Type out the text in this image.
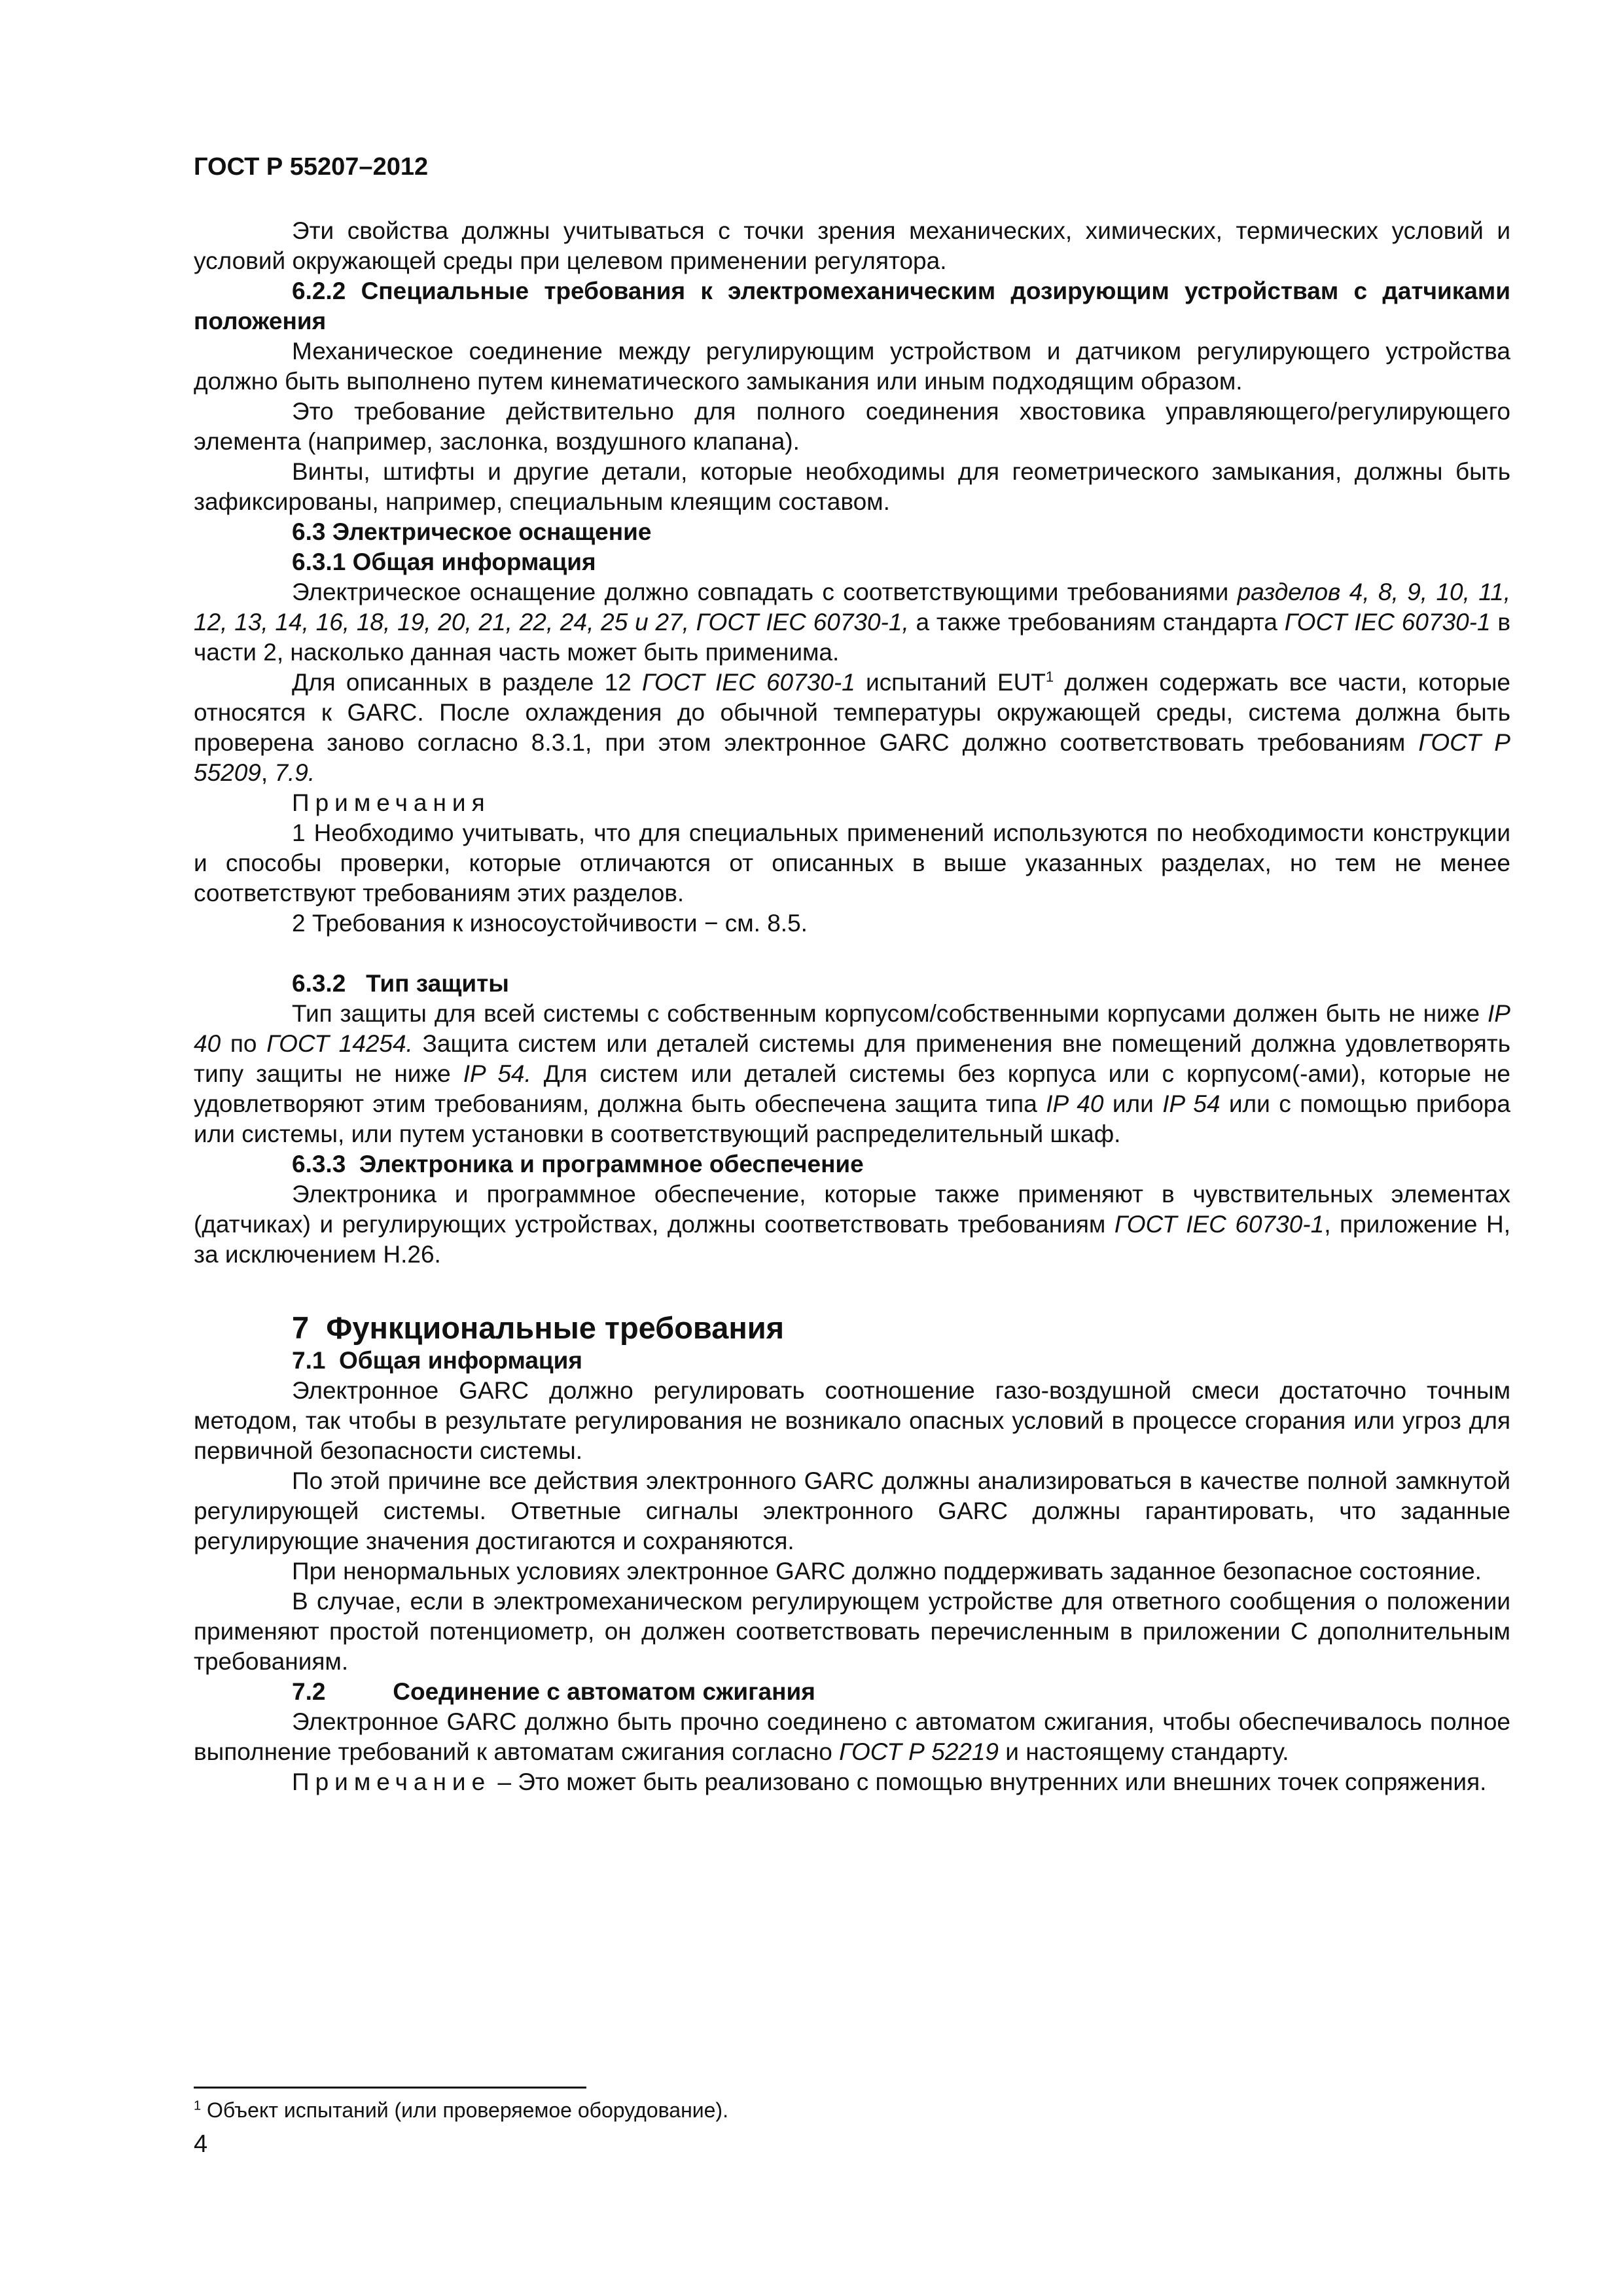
ГОСТ Р 55207–2012

Эти свойства должны учитываться с точки зрения механических, химических, термических условий и условий окружающей среды при целевом применении регулятора.

6.2.2 Специальные требования к электромеханическим дозирующим устройствам с датчиками положения

Механическое соединение между регулирующим устройством и датчиком регулирующего устройства должно быть выполнено путем кинематического замыкания или иным подходящим образом.

Это требование действительно для полного соединения хвостовика управляющего/регулирующего элемента (например, заслонка, воздушного клапана).

Винты, штифты и другие детали, которые необходимы для геометрического замыкания, должны быть зафиксированы, например, специальным клеящим составом.

6.3 Электрическое оснащение

6.3.1 Общая информация

Электрическое оснащение должно совпадать с соответствующими требованиями разделов 4, 8, 9, 10, 11, 12, 13, 14, 16, 18, 19, 20, 21, 22, 24, 25 и 27, ГОСТ IEC 60730-1, а также требованиям стандарта ГОСТ IEC 60730-1 в части 2, насколько данная часть может быть применима.

Для описанных в разделе 12 ГОСТ IEC 60730-1 испытаний EUT$^1$ должен содержать все части, которые относятся к GARC. После охлаждения до обычной температуры окружающей среды, система должна быть проверена заново согласно 8.3.1, при этом электронное GARC должно соответствовать требованиям ГОСТ Р 55209, 7.9.

Примечания

1 Необходимо учитывать, что для специальных применений используются по необходимости конструкции и способы проверки, которые отличаются от описанных в выше указанных разделах, но тем не менее соответствуют требованиям этих разделов.

2 Требования к износоустойчивости − см. 8.5.

6.3.2 Тип защиты

Тип защиты для всей системы с собственным корпусом/собственными корпусами должен быть не ниже IP 40 по ГОСТ 14254. Защита систем или деталей системы для применения вне помещений должна удовлетворять типу защиты не ниже IP 54. Для систем или деталей системы без корпуса или с корпусом(-ами), которые не удовлетворяют этим требованиям, должна быть обеспечена защита типа IP 40 или IP 54 или с помощью прибора или системы, или путем установки в соответствующий распределительный шкаф.

6.3.3 Электроника и программное обеспечение

Электроника и программное обеспечение, которые также применяют в чувствительных элементах (датчиках) и регулирующих устройствах, должны соответствовать требованиям ГОСТ IEC 60730-1, приложение Н, за исключением Н.26.

7 Функциональные требования

7.1 Общая информация

Электронное GARC должно регулировать соотношение газо-воздушной смеси достаточно точным методом, так чтобы в результате регулирования не возникало опасных условий в процессе сгорания или угроз для первичной безопасности системы.

По этой причине все действия электронного GARC должны анализироваться в качестве полной замкнутой регулирующей системы. Ответные сигналы электронного GARC должны гарантировать, что заданные регулирующие значения достигаются и сохраняются.

При ненормальных условиях электронное GARC должно поддерживать заданное безопасное состояние.

В случае, если в электромеханическом регулирующем устройстве для ответного сообщения о положении применяют простой потенциометр, он должен соответствовать перечисленным в приложении С дополнительным требованиям.

7.2	Соединение с автоматом сжигания

Электронное GARC должно быть прочно соединено с автоматом сжигания, чтобы обеспечивалось полное выполнение требований к автоматам сжигания согласно ГОСТ Р 52219 и настоящему стандарту.

Примечание – Это может быть реализовано с помощью внутренних или внешних точек сопряжения.

$^1$ Объект испытаний (или проверяемое оборудование).
4
